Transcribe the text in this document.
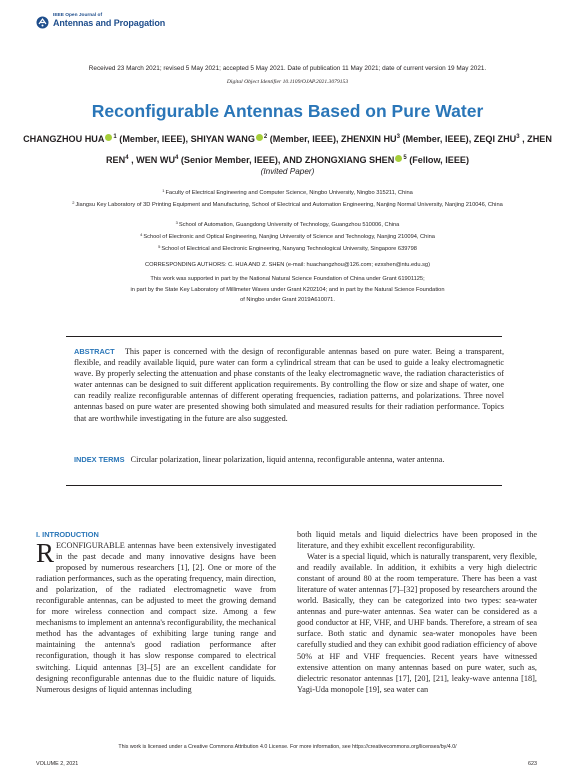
IEEE Open Journal of
Antennas and Propagation
Received 23 March 2021; revised 5 May 2021; accepted 5 May 2021. Date of publication 11 May 2021; date of current version 19 May 2021.
Digital Object Identifier 10.1109/OJAP.2021.3079153
Reconfigurable Antennas Based on Pure Water
CHANGZHOU HUA $^1$ (Member, IEEE), SHIYAN WANG $^2$ (Member, IEEE), ZHENXIN $HU^3$ (Member, IEEE), ZEQI ZHU$^3$ , ZHEN REN$^4$ , WEN $WU^4$ (Senior Member, IEEE), AND ZHONGXIANG SHEN $^5$ (Fellow, IEEE)
(Invited Paper)
$^1$Faculty of Electrical Engineering and Computer Science, Ningbo University, Ningbo 315211, China
$^2$Jiangsu Key Laboratory of 3D Printing Equipment and Manufacturing, School of Electrical and Automation Engineering, Nanjing Normal University, Nanjing 210046, China
$^3$School of Automation, Guangdong University of Technology, Guangzhou 510006, China
$^4$School of Electronic and Optical Engineering, Nanjing University of Science and Technology, Nanjing 210094, China
$^5$School of Electrical and Electronic Engineering, Nanyang Technological University, Singapore 639798
CORRESPONDING AUTHORS: C. HUA AND Z. SHEN (e-mail: huachangzhou@126.com; ezxshen@ntu.edu.sg)
This work was supported in part by the National Natural Science Foundation of China under Grant 61901125;
in part by the State Key Laboratory of Millimeter Waves under Grant K202104; and in part by the Natural Science Foundation
of Ningbo under Grant 2019A610071.
ABSTRACT This paper is concerned with the design of reconfigurable antennas based on pure water. Being a transparent, flexible, and readily available liquid, pure water can form a cylindrical stream that can be used to guide a leaky electromagnetic wave. By properly selecting the attenuation and phase constants of the leaky electromagnetic wave, the radiation characteristics of water antennas can be designed to suit different application requirements. By controlling the flow or size and shape of water, one can readily realize reconfigurable antennas of different operating frequencies, radiation patterns, and polarizations. Three novel antennas based on pure water are presented showing both simulated and measured results for their radiation performance. Topics that are worthwhile investigating in the future are also suggested.
INDEX TERMS Circular polarization, linear polarization, liquid antenna, reconfigurable antenna, water antenna.
I. INTRODUCTION
RECONFIGURABLE antennas have been extensively investigated in the past decade and many innovative designs have been proposed by numerous researchers [1], [2]. One or more of the radiation performances, such as the operating frequency, main direction, and polarization, of the radiated electromagnetic wave from reconfigurable antennas, can be adjusted to meet the growing demand for more wireless connection and compact size. Among a few mechanisms to implement an antenna's reconfigurability, the mechanical method has the advantages of exhibiting large tuning range and maintaining the antenna's good radiation performance after reconfiguration, though it has slow response compared to electrical switching. Liquid antennas [3]–[5] are an excellent candidate for designing reconfigurable antennas due to the fluidic nature of liquids. Numerous designs of liquid antennas including

both liquid metals and liquid dielectrics have been proposed in the literature, and they exhibit excellent reconfigurability.

Water is a special liquid, which is naturally transparent, very flexible, and readily available. In addition, it exhibits a very high dielectric constant of around 80 at the room temperature. There has been a vast literature of water antennas [7]–[32] proposed by researchers around the world. Basically, they can be categorized into two types: sea-water antennas and pure-water antennas. Sea water can be considered as a good conductor at HF, VHF, and UHF bands. Therefore, a stream of sea surface. Both static and dynamic sea-water monopoles have been carefully studied and they can exhibit good radiation efficiency of above 50% at HF and VHF frequencies. Recent years have witnessed extensive attention on many antennas based on pure water, such as, dielectric resonator antennas [17], [20], [21], leaky-wave antenna [18], Yagi-Uda monopole [19], sea water can

This work is licensed under a Creative Commons Attribution 4.0 License. For more information, see https://creativecommons.org/licenses/by/4.0/
VOLUME 2, 2021	623
